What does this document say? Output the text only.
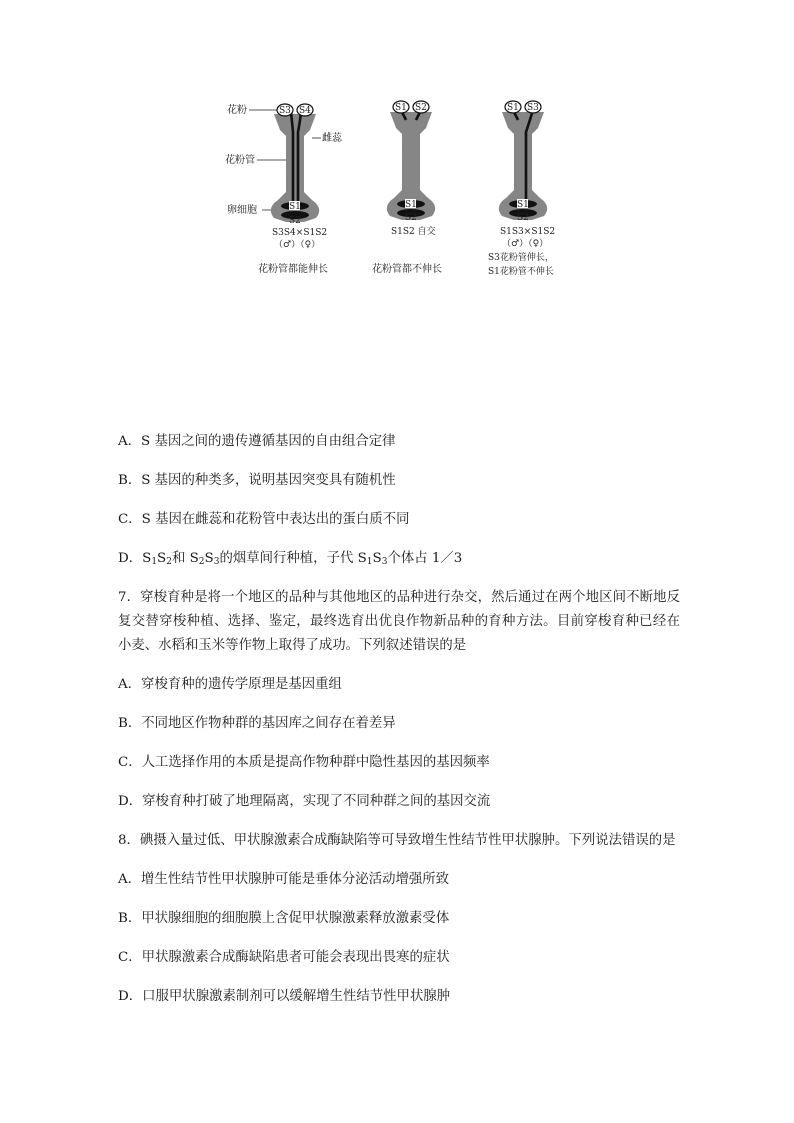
花粉
花粉管
卵细胞
雌蕊
S3 S4
S1
S2
S3S4×S1S2
（♂）（♀）
花粉管都能伸长
S1 S2
S1
S2
S1S2 自交
花粉管都不伸长
S1 S3
S1
S2
S1S3×S1S2
（♂）（♀）
S3花粉管伸长，
S1花粉管不伸长

A．S 基因之间的遗传遵循基因的自由组合定律

B．S 基因的种类多，说明基因突变具有随机性

C．S 基因在雌蕊和花粉管中表达出的蛋白质不同

D．$S_1S_2$和 $S_2S_3$的烟草间行种植，子代 $S_1S_3$个体占 1／3

7．穿梭育种是将一个地区的品种与其他地区的品种进行杂交，然后通过在两个地区间不断地反复交替穿梭种植、选择、鉴定，最终选育出优良作物新品种的育种方法。目前穿梭育种已经在小麦、水稻和玉米等作物上取得了成功。下列叙述错误的是

A．穿梭育种的遗传学原理是基因重组

B．不同地区作物种群的基因库之间存在着差异

C．人工选择作用的本质是提高作物种群中隐性基因的基因频率

D．穿梭育种打破了地理隔离，实现了不同种群之间的基因交流

8．碘摄入量过低、甲状腺激素合成酶缺陷等可导致增生性结节性甲状腺肿。下列说法错误的是

A．增生性结节性甲状腺肿可能是垂体分泌活动增强所致

B．甲状腺细胞的细胞膜上含促甲状腺激素释放激素受体

C．甲状腺激素合成酶缺陷患者可能会表现出畏寒的症状

D．口服甲状腺激素制剂可以缓解增生性结节性甲状腺肿
